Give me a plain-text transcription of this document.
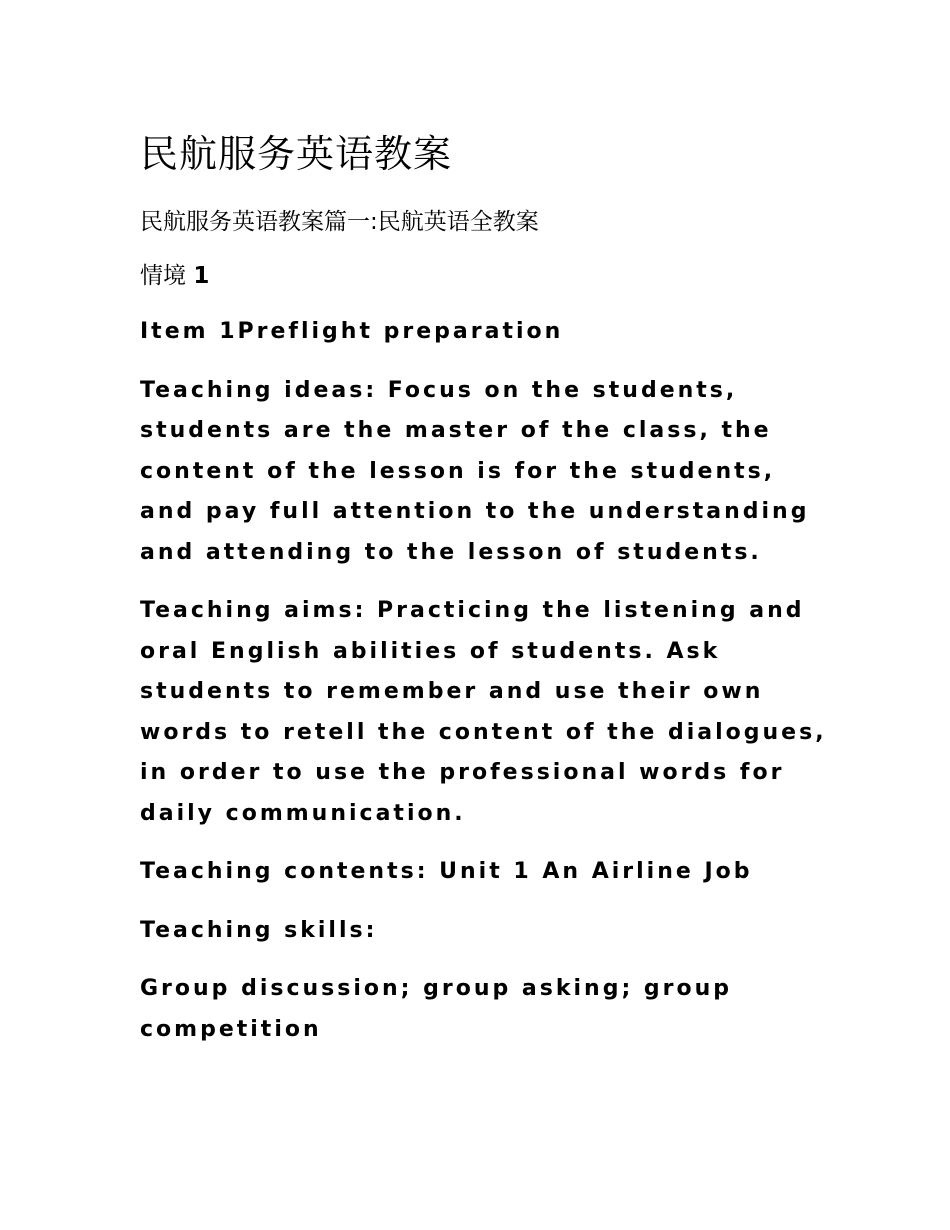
民航服务英语教案

民航服务英语教案篇一:民航英语全教案

情境 1

Item 1Preflight preparation

Teaching ideas: Focus on the students,
students are the master of the class, the
content of the lesson is for the students,
and pay full attention to the understanding
and attending to the lesson of students.

Teaching aims: Practicing the listening and
oral English abilities of students. Ask
students to remember and use their own
words to retell the content of the dialogues,
in order to use the professional words for
daily communication.

Teaching contents: Unit 1 An Airline Job

Teaching skills:

Group discussion; group asking; group
competition
